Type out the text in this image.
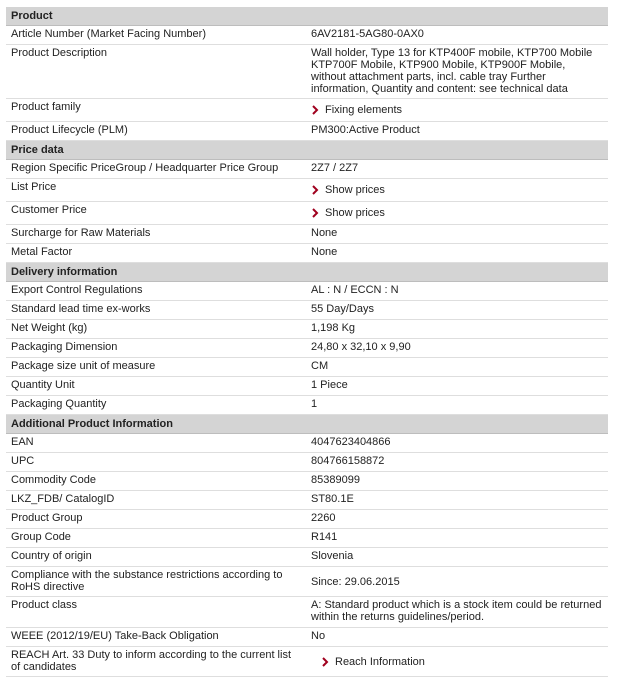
Product
Article Number (Market Facing Number)	6AV2181-5AG80-0AX0
Product Description	Wall holder, Type 13 for KTP400F mobile, KTP700 Mobile KTP700F Mobile, KTP900 Mobile, KTP900F Mobile, without attachment parts, incl. cable tray Further information, Quantity and content: see technical data
Product family	Fixing elements
Product Lifecycle (PLM)	PM300:Active Product
Price data
Region Specific PriceGroup / Headquarter Price Group	2Z7 / 2Z7
List Price	Show prices
Customer Price	Show prices
Surcharge for Raw Materials	None
Metal Factor	None
Delivery information
Export Control Regulations	AL : N / ECCN : N
Standard lead time ex-works	55 Day/Days
Net Weight (kg)	1,198 Kg
Packaging Dimension	24,80 x 32,10 x 9,90
Package size unit of measure	CM
Quantity Unit	1 Piece
Packaging Quantity	1
Additional Product Information
EAN	4047623404866
UPC	804766158872
Commodity Code	85389099
LKZ_FDB/ CatalogID	ST80.1E
Product Group	2260
Group Code	R141
Country of origin	Slovenia
Compliance with the substance restrictions according to RoHS directive	Since: 29.06.2015
Product class	A: Standard product which is a stock item could be returned within the returns guidelines/period.
WEEE (2012/19/EU) Take-Back Obligation	No
REACH Art. 33 Duty to inform according to the current list of candidates	Reach Information
